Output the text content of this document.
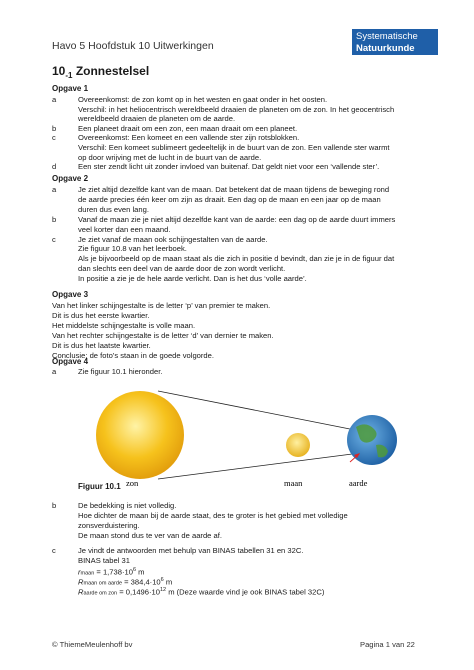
Havo 5 Hoofdstuk 10 Uitwerkingen
Systematische
Natuurkunde
$10_{-1}$ Zonnestelsel
Opgave 1
a	Overeenkomst: de zon komt op in het westen en gaat onder in het oosten.
Verschil: in het heliocentrisch wereldbeeld draaien de planeten om de zon. In het geocentrisch
wereldbeeld draaien de planeten om de aarde.
b	Een planeet draait om een zon, een maan draait om een planeet.
c	Overeenkomst: Een komeet en een vallende ster zijn rotsblokken.
Verschil: Een komeet sublimeert gedeeltelijk in de buurt van de zon. Een vallende ster warmt
op door wrijving met de lucht in de buurt van de aarde.
d	Een ster zendt licht uit zonder invloed van buitenaf. Dat geldt niet voor een ‘vallende ster’.
Opgave 2
a	Je ziet altijd dezelfde kant van de maan. Dat betekent dat de maan tijdens de beweging rond
de aarde precies één keer om zijn as draait. Een dag op de maan en een jaar op de maan
duren dus even lang.
b	Vanaf de maan zie je niet altijd dezelfde kant van de aarde: een dag op de aarde duurt immers
veel korter dan een maand.
c	Je ziet vanaf de maan ook schijngestalten van de aarde.
Zie figuur 10.8 van het leerboek.
Als je bijvoorbeeld op de maan staat als die zich in positie d bevindt, dan zie je in de figuur dat
dan slechts een deel van de aarde door de zon wordt verlicht.
In positie a zie je de hele aarde verlicht. Dan is het dus ‘volle aarde’.
Opgave 3
Van het linker schijngestalte is de letter ‘p’ van premier te maken.
Dit is dus het eerste kwartier.
Het middelste schijngestalte is volle maan.
Van het rechter schijngestalte is de letter ‘d’ van dernier te maken.
Dit is dus het laatste kwartier.
Conclusie: de foto’s staan in de goede volgorde.
Opgave 4
a	Zie figuur 10.1 hieronder.
zon	maan	aarde
Figuur 10.1
b	De bedekking is niet volledig.
Hoe dichter de maan bij de aarde staat, des te groter is het gebied met volledige
zonsverduistering.
De maan stond dus te ver van de aarde af.
c	Je vindt de antwoorden met behulp van BINAS tabellen 31 en 32C.
BINAS tabel 31
rmaan = $1,738\cdot 10^6$ m
Rmaan om aarde = $384,4\cdot 10^6$ m
Raarde om zon = $0,1496\cdot 10^{12}$ m (Deze waarde vind je ook BINAS tabel 32C)
© ThiemeMeulenhoff bv	Pagina 1 van 22
